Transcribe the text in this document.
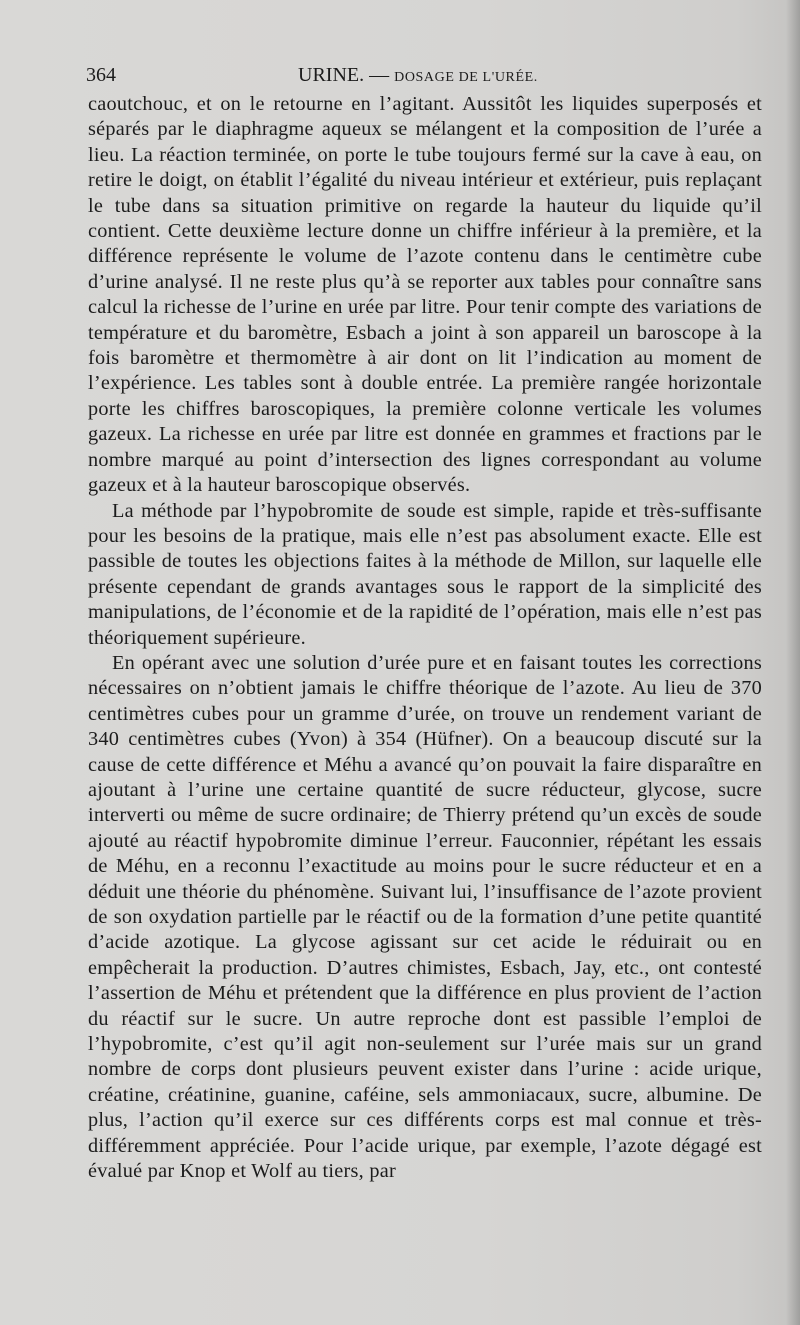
364	URINE. — DOSAGE DE L'URÉE.

caoutchouc, et on le retourne en l’agitant. Aussitôt les liquides superposés et séparés par le diaphragme aqueux se mélangent et la composition de l’urée a lieu. La réaction terminée, on porte le tube toujours fermé sur la cave à eau, on retire le doigt, on établit l’égalité du niveau intérieur et extérieur, puis replaçant le tube dans sa situation primitive on regarde la hauteur du liquide qu’il contient. Cette deuxième lecture donne un chiffre inférieur à la première, et la différence représente le volume de l’azote contenu dans le centimètre cube d’urine analysé. Il ne reste plus qu’à se reporter aux tables pour connaître sans calcul la richesse de l’urine en urée par litre. Pour tenir compte des variations de température et du baromètre, Esbach a joint à son appareil un baroscope à la fois baromètre et thermomètre à air dont on lit l’indication au moment de l’expérience. Les tables sont à double entrée. La première rangée horizontale porte les chiffres baroscopiques, la première colonne verticale les volumes gazeux. La richesse en urée par litre est donnée en grammes et fractions par le nombre marqué au point d’intersection des lignes correspondant au volume gazeux et à la hauteur baroscopique observés.

La méthode par l’hypobromite de soude est simple, rapide et très-suffisante pour les besoins de la pratique, mais elle n’est pas absolument exacte. Elle est passible de toutes les objections faites à la méthode de Millon, sur laquelle elle présente cependant de grands avantages sous le rapport de la simplicité des manipulations, de l’économie et de la rapidité de l’opération, mais elle n’est pas théoriquement supérieure.

En opérant avec une solution d’urée pure et en faisant toutes les corrections nécessaires on n’obtient jamais le chiffre théorique de l’azote. Au lieu de 370 centimètres cubes pour un gramme d’urée, on trouve un rendement variant de 340 centimètres cubes (Yvon) à 354 (Hüfner). On a beaucoup discuté sur la cause de cette différence et Méhu a avancé qu’on pouvait la faire disparaître en ajoutant à l’urine une certaine quantité de sucre réducteur, glycose, sucre interverti ou même de sucre ordinaire; de Thierry prétend qu’un excès de soude ajouté au réactif hypobromite diminue l’erreur. Fauconnier, répétant les essais de Méhu, en a reconnu l’exactitude au moins pour le sucre réducteur et en a déduit une théorie du phénomène. Suivant lui, l’insuffisance de l’azote provient de son oxydation partielle par le réactif ou de la formation d’une petite quantité d’acide azotique. La glycose agissant sur cet acide le réduirait ou en empêcherait la production. D’autres chimistes, Esbach, Jay, etc., ont contesté l’assertion de Méhu et prétendent que la différence en plus provient de l’action du réactif sur le sucre. Un autre reproche dont est passible l’emploi de l’hypobromite, c’est qu’il agit non-seulement sur l’urée mais sur un grand nombre de corps dont plusieurs peuvent exister dans l’urine : acide urique, créatine, créatinine, guanine, caféine, sels ammoniacaux, sucre, albumine. De plus, l’action qu’il exerce sur ces différents corps est mal connue et très-différemment appréciée. Pour l’acide urique, par exemple, l’azote dégagé est évalué par Knop et Wolf au tiers, par
